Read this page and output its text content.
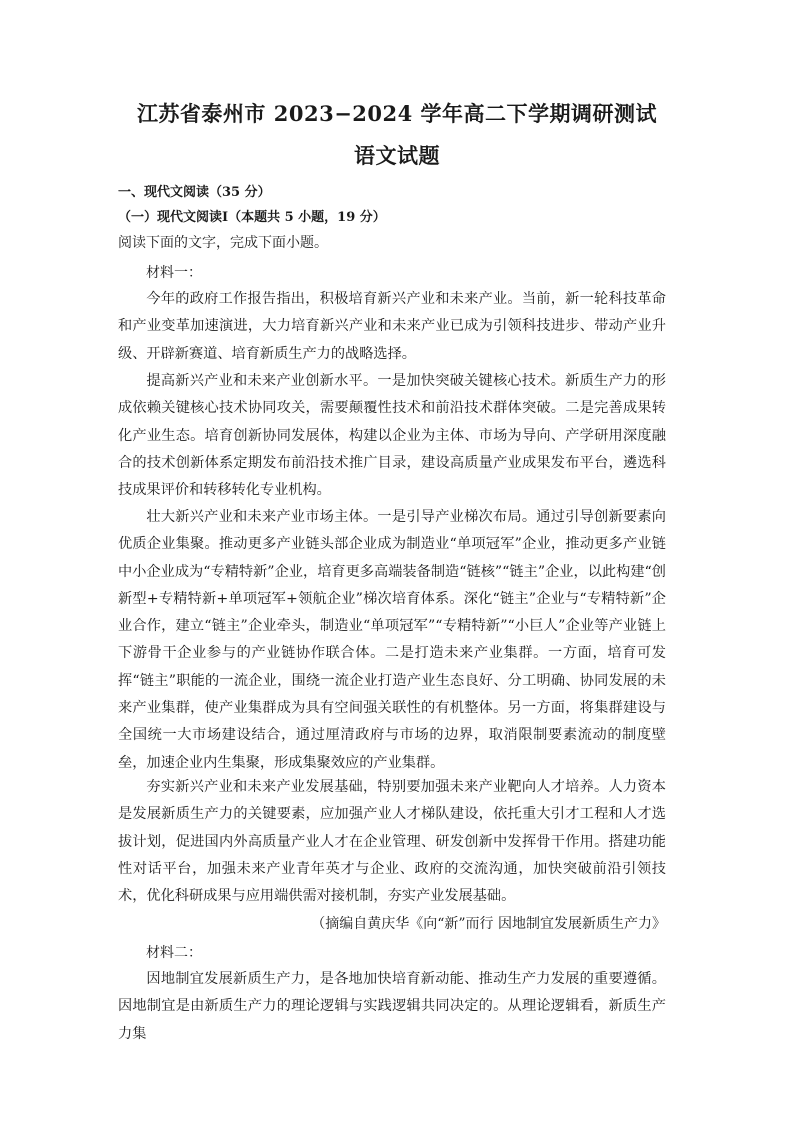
江苏省泰州市 2023−2024 学年高二下学期调研测试
语文试题

一、现代文阅读（35 分）

（一）现代文阅读Ⅰ（本题共 5 小题，19 分）

阅读下面的文字，完成下面小题。

材料一：

今年的政府工作报告指出，积极培育新兴产业和未来产业。当前，新一轮科技革命和产业变革加速演进，大力培育新兴产业和未来产业已成为引领科技进步、带动产业升级、开辟新赛道、培育新质生产力的战略选择。

提高新兴产业和未来产业创新水平。一是加快突破关键核心技术。新质生产力的形成依赖关键核心技术协同攻关，需要颠覆性技术和前沿技术群体突破。二是完善成果转化产业生态。培育创新协同发展体，构建以企业为主体、市场为导向、产学研用深度融合的技术创新体系定期发布前沿技术推广目录，建设高质量产业成果发布平台，遴选科技成果评价和转移转化专业机构。

壮大新兴产业和未来产业市场主体。一是引导产业梯次布局。通过引导创新要素向优质企业集聚。推动更多产业链头部企业成为制造业“单项冠军”企业，推动更多产业链中小企业成为“专精特新”企业，培育更多高端装备制造“链核”“链主”企业，以此构建“创新型+专精特新+单项冠军+领航企业”梯次培育体系。深化“链主”企业与“专精特新”企业合作，建立“链主”企业牵头，制造业“单项冠军”“专精特新”“小巨人”企业等产业链上下游骨干企业参与的产业链协作联合体。二是打造未来产业集群。一方面，培育可发挥“链主”职能的一流企业，围绕一流企业打造产业生态良好、分工明确、协同发展的未来产业集群，使产业集群成为具有空间强关联性的有机整体。另一方面，将集群建设与全国统一大市场建设结合，通过厘清政府与市场的边界，取消限制要素流动的制度壁垒，加速企业内生集聚，形成集聚效应的产业集群。

夯实新兴产业和未来产业发展基础，特别要加强未来产业靶向人才培养。人力资本是发展新质生产力的关键要素，应加强产业人才梯队建设，依托重大引才工程和人才选拔计划，促进国内外高质量产业人才在企业管理、研发创新中发挥骨干作用。搭建功能性对话平台，加强未来产业青年英才与企业、政府的交流沟通，加快突破前沿引领技术，优化科研成果与应用端供需对接机制，夯实产业发展基础。

（摘编自黄庆华《向“新”而行 因地制宜发展新质生产力》

材料二：

因地制宜发展新质生产力，是各地加快培育新动能、推动生产力发展的重要遵循。因地制宜是由新质生产力的理论逻辑与实践逻辑共同决定的。从理论逻辑看，新质生产力集
